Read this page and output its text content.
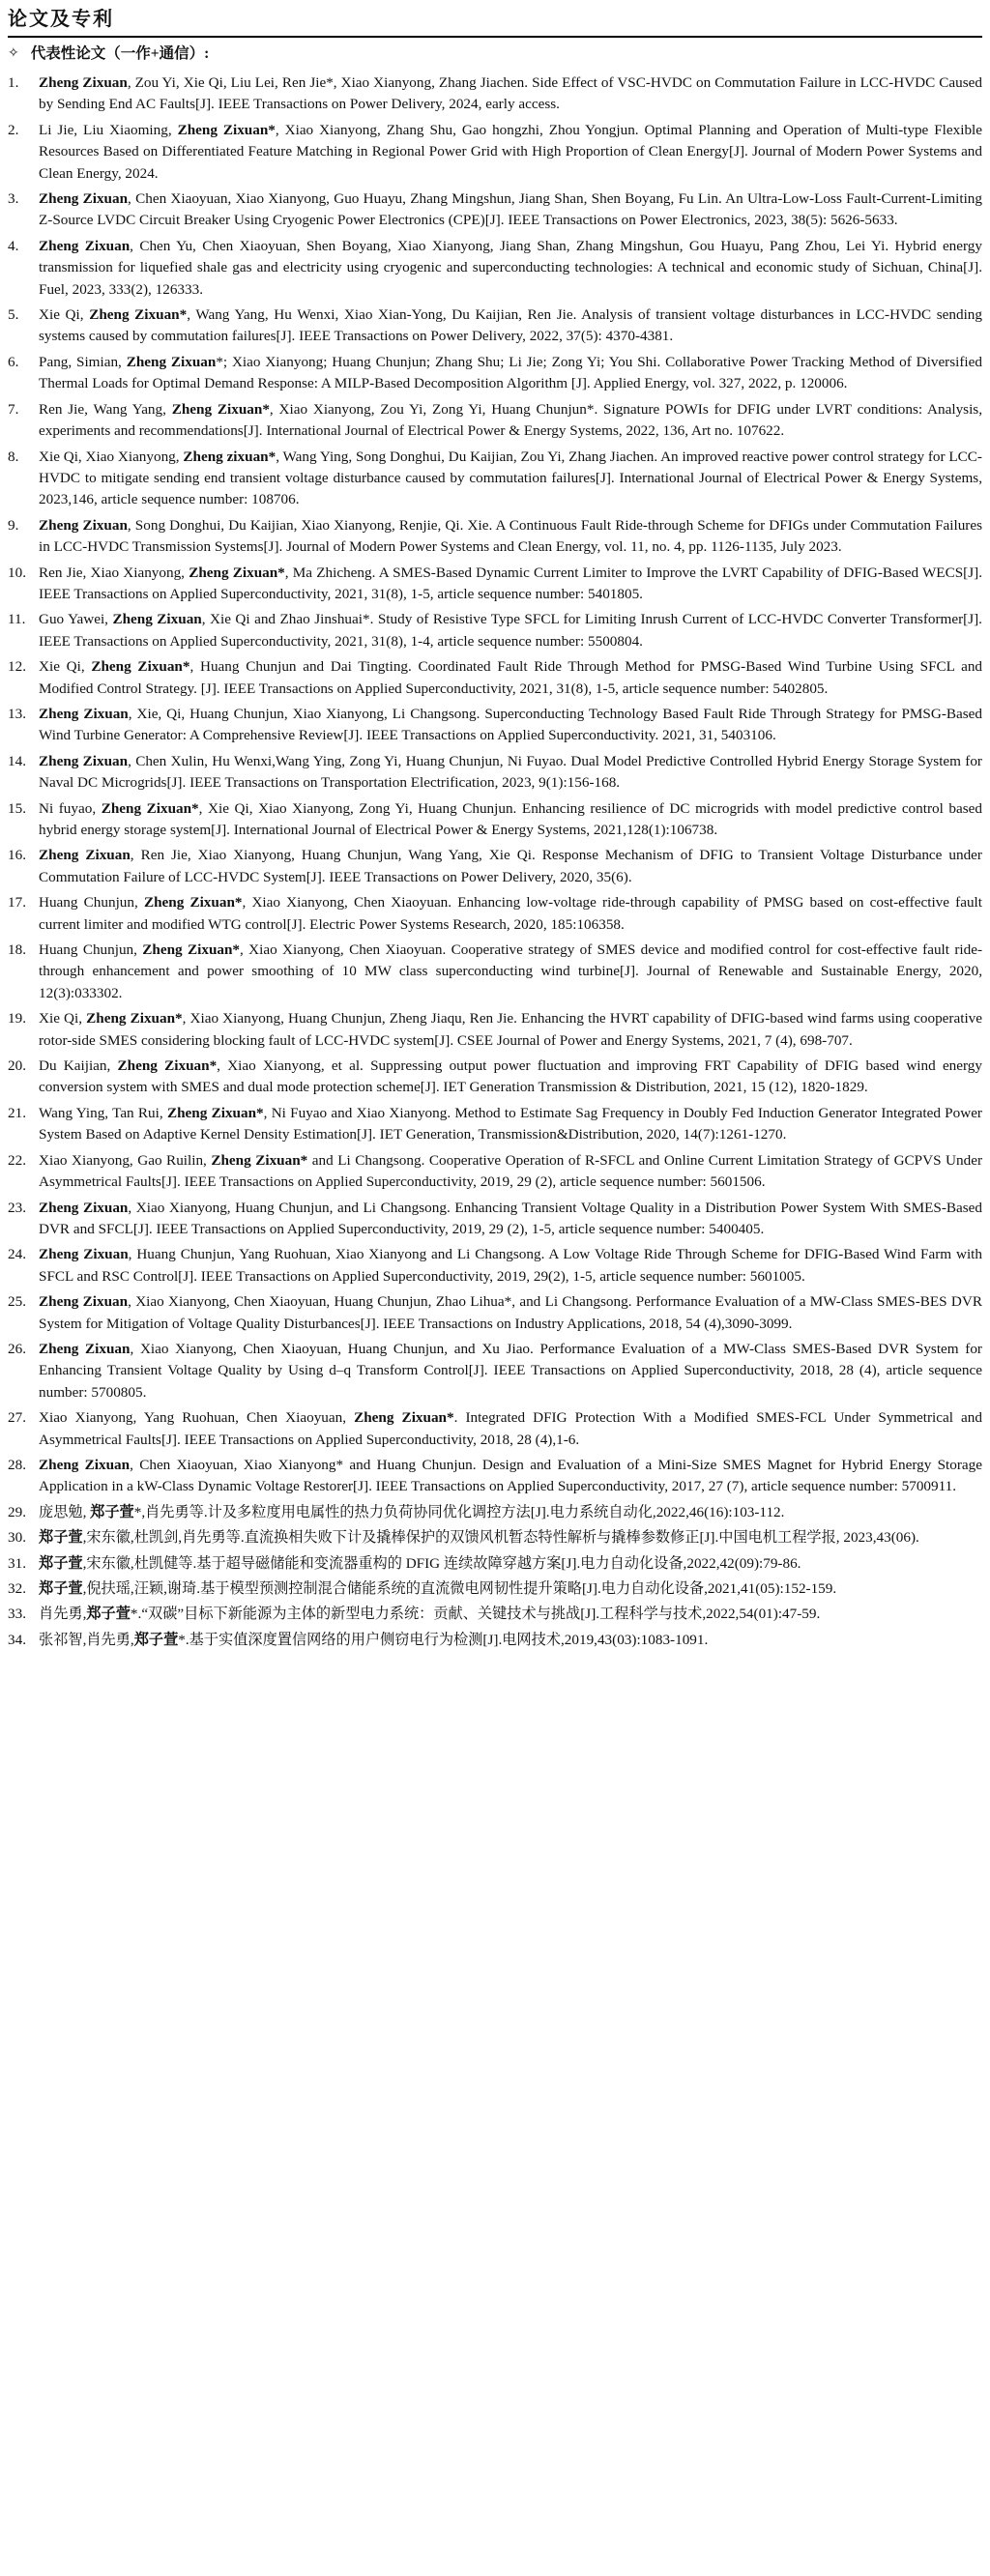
论文及专利
✧ 代表性论文（一作+通信）:
1.	Zheng Zixuan, Zou Yi, Xie Qi, Liu Lei, Ren Jie*, Xiao Xianyong, Zhang Jiachen. Side Effect of VSC-HVDC on Commutation Failure in LCC-HVDC Caused by Sending End AC Faults[J]. IEEE Transactions on Power Delivery, 2024, early access.
2.	Li Jie, Liu Xiaoming, Zheng Zixuan*, Xiao Xianyong, Zhang Shu, Gao hongzhi, Zhou Yongjun. Optimal Planning and Operation of Multi-type Flexible Resources Based on Differentiated Feature Matching in Regional Power Grid with High Proportion of Clean Energy[J]. Journal of Modern Power Systems and Clean Energy, 2024.
3.	Zheng Zixuan, Chen Xiaoyuan, Xiao Xianyong, Guo Huayu, Zhang Mingshun, Jiang Shan, Shen Boyang, Fu Lin. An Ultra-Low-Loss Fault-Current-Limiting Z-Source LVDC Circuit Breaker Using Cryogenic Power Electronics (CPE)[J]. IEEE Transactions on Power Electronics, 2023, 38(5): 5626-5633.
4.	Zheng Zixuan, Chen Yu, Chen Xiaoyuan, Shen Boyang, Xiao Xianyong, Jiang Shan, Zhang Mingshun, Gou Huayu, Pang Zhou, Lei Yi. Hybrid energy transmission for liquefied shale gas and electricity using cryogenic and superconducting technologies: A technical and economic study of Sichuan, China[J]. Fuel, 2023, 333(2), 126333.
5.	Xie Qi, Zheng Zixuan*, Wang Yang, Hu Wenxi, Xiao Xian-Yong, Du Kaijian, Ren Jie. Analysis of transient voltage disturbances in LCC-HVDC sending systems caused by commutation failures[J]. IEEE Transactions on Power Delivery, 2022, 37(5): 4370-4381.
6.	Pang, Simian, Zheng Zixuan*; Xiao Xianyong; Huang Chunjun; Zhang Shu; Li Jie; Zong Yi; You Shi. Collaborative Power Tracking Method of Diversified Thermal Loads for Optimal Demand Response: A MILP-Based Decomposition Algorithm [J]. Applied Energy, vol. 327, 2022, p. 120006.
7.	Ren Jie, Wang Yang, Zheng Zixuan*, Xiao Xianyong, Zou Yi, Zong Yi, Huang Chunjun*. Signature POWIs for DFIG under LVRT conditions: Analysis, experiments and recommendations[J]. International Journal of Electrical Power & Energy Systems, 2022, 136, Art no. 107622.
8.	Xie Qi, Xiao Xianyong, Zheng zixuan*, Wang Ying, Song Donghui, Du Kaijian, Zou Yi, Zhang Jiachen. An improved reactive power control strategy for LCC-HVDC to mitigate sending end transient voltage disturbance caused by commutation failures[J]. International Journal of Electrical Power & Energy Systems, 2023,146, article sequence number: 108706.
9.	Zheng Zixuan, Song Donghui, Du Kaijian, Xiao Xianyong, Renjie, Qi. Xie. A Continuous Fault Ride-through Scheme for DFIGs under Commutation Failures in LCC-HVDC Transmission Systems[J]. Journal of Modern Power Systems and Clean Energy, vol. 11, no. 4, pp. 1126-1135, July 2023.
10. Ren Jie, Xiao Xianyong, Zheng Zixuan*, Ma Zhicheng. A SMES-Based Dynamic Current Limiter to Improve the LVRT Capability of DFIG-Based WECS[J]. IEEE Transactions on Applied Superconductivity, 2021, 31(8), 1-5, article sequence number: 5401805.
11. Guo Yawei, Zheng Zixuan, Xie Qi and Zhao Jinshuai*. Study of Resistive Type SFCL for Limiting Inrush Current of LCC-HVDC Converter Transformer[J]. IEEE Transactions on Applied Superconductivity, 2021, 31(8), 1-4, article sequence number: 5500804.
12. Xie Qi, Zheng Zixuan*, Huang Chunjun and Dai Tingting. Coordinated Fault Ride Through Method for PMSG-Based Wind Turbine Using SFCL and Modified Control Strategy. [J]. IEEE Transactions on Applied Superconductivity, 2021, 31(8), 1-5, article sequence number: 5402805.
13. Zheng Zixuan, Xie, Qi, Huang Chunjun, Xiao Xianyong, Li Changsong. Superconducting Technology Based Fault Ride Through Strategy for PMSG-Based Wind Turbine Generator: A Comprehensive Review[J]. IEEE Transactions on Applied Superconductivity. 2021, 31, 5403106.
14. Zheng Zixuan, Chen Xulin, Hu Wenxi,Wang Ying, Zong Yi, Huang Chunjun, Ni Fuyao. Dual Model Predictive Controlled Hybrid Energy Storage System for Naval DC Microgrids[J]. IEEE Transactions on Transportation Electrification, 2023, 9(1):156-168.
15. Ni fuyao, Zheng Zixuan*, Xie Qi, Xiao Xianyong, Zong Yi, Huang Chunjun. Enhancing resilience of DC microgrids with model predictive control based hybrid energy storage system[J]. International Journal of Electrical Power & Energy Systems, 2021,128(1):106738.
16. Zheng Zixuan, Ren Jie, Xiao Xianyong, Huang Chunjun, Wang Yang, Xie Qi. Response Mechanism of DFIG to Transient Voltage Disturbance under Commutation Failure of LCC-HVDC System[J]. IEEE Transactions on Power Delivery, 2020, 35(6).
17. Huang Chunjun, Zheng Zixuan*, Xiao Xianyong, Chen Xiaoyuan. Enhancing low-voltage ride-through capability of PMSG based on cost-effective fault current limiter and modified WTG control[J]. Electric Power Systems Research, 2020, 185:106358.
18. Huang Chunjun, Zheng Zixuan*, Xiao Xianyong, Chen Xiaoyuan. Cooperative strategy of SMES device and modified control for cost-effective fault ride-through enhancement and power smoothing of 10 MW class superconducting wind turbine[J]. Journal of Renewable and Sustainable Energy, 2020, 12(3):033302.
19. Xie Qi, Zheng Zixuan*, Xiao Xianyong, Huang Chunjun, Zheng Jiaqu, Ren Jie. Enhancing the HVRT capability of DFIG-based wind farms using cooperative rotor-side SMES considering blocking fault of LCC-HVDC system[J]. CSEE Journal of Power and Energy Systems, 2021, 7 (4), 698-707.
20. Du Kaijian, Zheng Zixuan*, Xiao Xianyong, et al. Suppressing output power fluctuation and improving FRT Capability of DFIG based wind energy conversion system with SMES and dual mode protection scheme[J]. IET Generation Transmission & Distribution, 2021, 15 (12), 1820-1829.
21. Wang Ying, Tan Rui, Zheng Zixuan*, Ni Fuyao and Xiao Xianyong. Method to Estimate Sag Frequency in Doubly Fed Induction Generator Integrated Power System Based on Adaptive Kernel Density Estimation[J]. IET Generation, Transmission&Distribution, 2020, 14(7):1261-1270.
22. Xiao Xianyong, Gao Ruilin, Zheng Zixuan* and Li Changsong. Cooperative Operation of R-SFCL and Online Current Limitation Strategy of GCPVS Under Asymmetrical Faults[J]. IEEE Transactions on Applied Superconductivity, 2019, 29 (2), article sequence number: 5601506.
23. Zheng Zixuan, Xiao Xianyong, Huang Chunjun, and Li Changsong. Enhancing Transient Voltage Quality in a Distribution Power System With SMES-Based DVR and SFCL[J]. IEEE Transactions on Applied Superconductivity, 2019, 29 (2), 1-5, article sequence number: 5400405.
24. Zheng Zixuan, Huang Chunjun, Yang Ruohuan, Xiao Xianyong and Li Changsong. A Low Voltage Ride Through Scheme for DFIG-Based Wind Farm with SFCL and RSC Control[J]. IEEE Transactions on Applied Superconductivity, 2019, 29(2), 1-5, article sequence number: 5601005.
25. Zheng Zixuan, Xiao Xianyong, Chen Xiaoyuan, Huang Chunjun, Zhao Lihua*, and Li Changsong. Performance Evaluation of a MW-Class SMES-BES DVR System for Mitigation of Voltage Quality Disturbances[J]. IEEE Transactions on Industry Applications, 2018, 54 (4),3090-3099.
26. Zheng Zixuan, Xiao Xianyong, Chen Xiaoyuan, Huang Chunjun, and Xu Jiao. Performance Evaluation of a MW-Class SMES-Based DVR System for Enhancing Transient Voltage Quality by Using d–q Transform Control[J]. IEEE Transactions on Applied Superconductivity, 2018, 28 (4), article sequence number: 5700805.
27. Xiao Xianyong, Yang Ruohuan, Chen Xiaoyuan, Zheng Zixuan*. Integrated DFIG Protection With a Modified SMES-FCL Under Symmetrical and Asymmetrical Faults[J]. IEEE Transactions on Applied Superconductivity, 2018, 28 (4),1-6.
28. Zheng Zixuan, Chen Xiaoyuan, Xiao Xianyong* and Huang Chunjun. Design and Evaluation of a Mini-Size SMES Magnet for Hybrid Energy Storage Application in a kW-Class Dynamic Voltage Restorer[J]. IEEE Transactions on Applied Superconductivity, 2017, 27 (7), article sequence number: 5700911.
29. 庞思勉, 郑子萱*,肖先勇等.计及多粒度用电属性的热力负荷协同优化调控方法[J].电力系统自动化,2022,46(16):103-112.
30. 郑子萱,宋东徽,杜凯剑,肖先勇等.直流换相失败下计及撬棒保护的双馈风机暂态特性解析与撬棒参数修正[J].中国电机工程学报, 2023,43(06).
31. 郑子萱,宋东徽,杜凯健等.基于超导磁储能和变流器重构的 DFIG 连续故障穿越方案[J].电力自动化设备,2022,42(09):79-86.
32. 郑子萱,倪扶瑶,汪颖,谢琦.基于模型预测控制混合储能系统的直流微电网韧性提升策略[J].电力自动化设备,2021,41(05):152-159.
33. 肖先勇,郑子萱*.“双碳”目标下新能源为主体的新型电力系统：贡献、关键技术与挑战[J].工程科学与技术,2022,54(01):47-59.
34. 张祁智,肖先勇,郑子萱*.基于实值深度置信网络的用户侧窃电行为检测[J].电网技术,2019,43(03):1083-1091.
